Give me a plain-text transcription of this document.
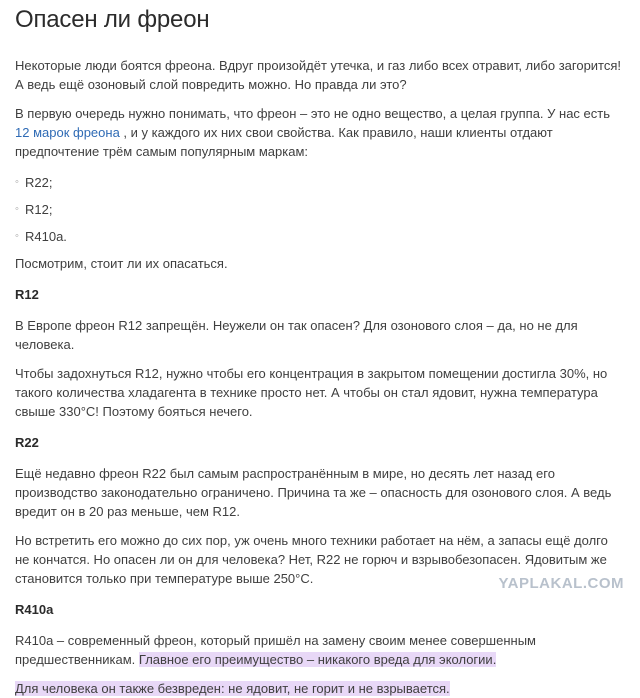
Опасен ли фреон

Некоторые люди боятся фреона. Вдруг произойдёт утечка, и газ либо всех отравит, либо загорится! А ведь ещё озоновый слой повредить можно. Но правда ли это?

В первую очередь нужно понимать, что фреон – это не одно вещество, а целая группа. У нас есть 12 марок фреона , и у каждого их них свои свойства. Как правило, наши клиенты отдают предпочтение трём самым популярным маркам:

◦ R22;
◦ R12;
◦ R410a.

Посмотрим, стоит ли их опасаться.

R12

В Европе фреон R12 запрещён. Неужели он так опасен? Для озонового слоя – да, но не для человека.

Чтобы задохнуться R12, нужно чтобы его концентрация в закрытом помещении достигла 30%, но такого количества хладагента в технике просто нет. А чтобы он стал ядовит, нужна температура свыше 330°С! Поэтому бояться нечего.

R22

Ещё недавно фреон R22 был самым распространённым в мире, но десять лет назад его производство законодательно ограничено. Причина та же – опасность для озонового слоя. А ведь вредит он в 20 раз меньше, чем R12.

Но встретить его можно до сих пор, уж очень много техники работает на нём, а запасы ещё долго не кончатся. Но опасен ли он для человека? Нет, R22 не горюч и взрывобезопасен. Ядовитым же становится только при температуре выше 250°С.

R410a

R410a – современный фреон, который пришёл на замену своим менее совершенным предшественникам. Главное его преимущество – никакого вреда для экологии.

Для человека он также безвреден: не ядовит, не горит и не взрывается.

YAPLAKAL.COM
